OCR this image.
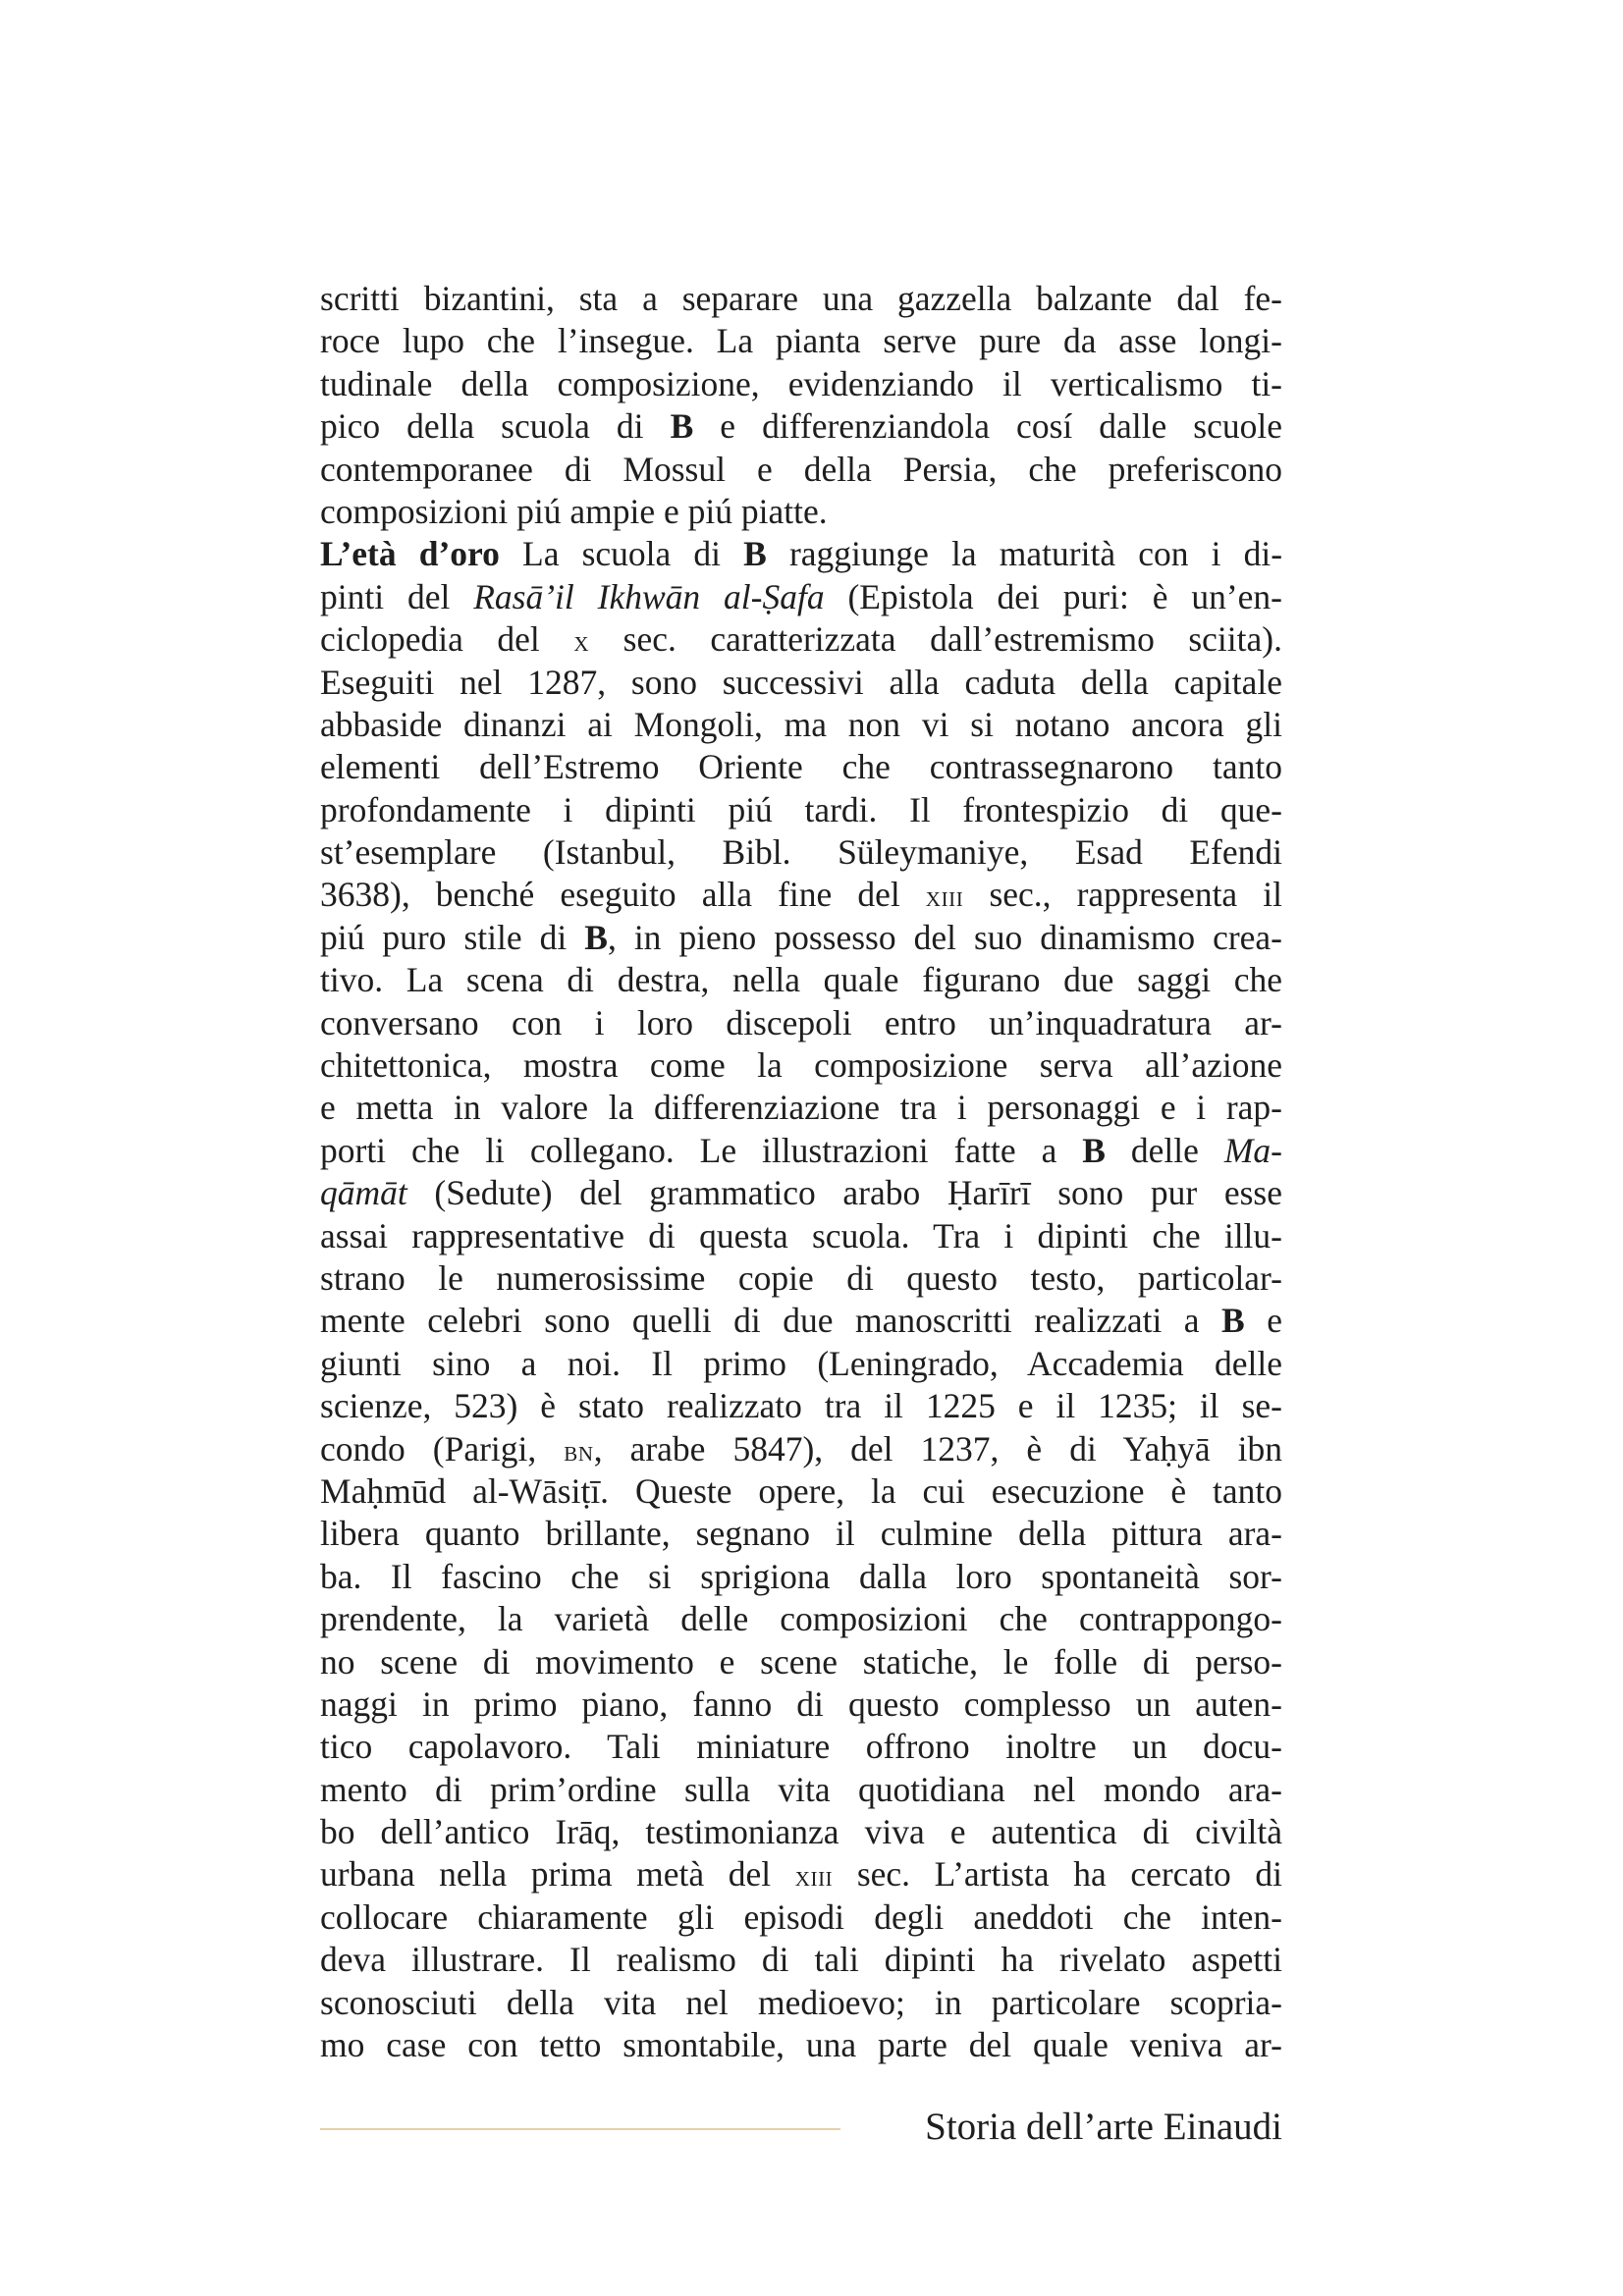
scritti bizantini, sta a separare una gazzella balzante dal fe-
roce lupo che l’insegue. La pianta serve pure da asse longi-
tudinale della composizione, evidenziando il verticalismo ti-
pico della scuola di B e differenziandola cosí dalle scuole
contemporanee di Mossul e della Persia, che preferiscono
composizioni piú ampie e piú piatte.
L’età d’oro La scuola di B raggiunge la maturità con i di-
pinti del Rasā’il Ikhwān al-Ṣafa (Epistola dei puri: è un’en-
ciclopedia del x sec. caratterizzata dall’estremismo sciita).
Eseguiti nel 1287, sono successivi alla caduta della capitale
abbaside dinanzi ai Mongoli, ma non vi si notano ancora gli
elementi dell’Estremo Oriente che contrassegnarono tanto
profondamente i dipinti piú tardi. Il frontespizio di que-
st’esemplare (Istanbul, Bibl. Süleymaniye, Esad Efendi
3638), benché eseguito alla fine del xiii sec., rappresenta il
piú puro stile di B, in pieno possesso del suo dinamismo crea-
tivo. La scena di destra, nella quale figurano due saggi che
conversano con i loro discepoli entro un’inquadratura ar-
chitettonica, mostra come la composizione serva all’azione
e metta in valore la differenziazione tra i personaggi e i rap-
porti che li collegano. Le illustrazioni fatte a B delle Ma-
qāmāt (Sedute) del grammatico arabo Ḥarīrī sono pur esse
assai rappresentative di questa scuola. Tra i dipinti che illu-
strano le numerosissime copie di questo testo, particolar-
mente celebri sono quelli di due manoscritti realizzati a B e
giunti sino a noi. Il primo (Leningrado, Accademia delle
scienze, 523) è stato realizzato tra il 1225 e il 1235; il se-
condo (Parigi, bn, arabe 5847), del 1237, è di Yaḥyā ibn
Maḥmūd al-Wāsiṭī. Queste opere, la cui esecuzione è tanto
libera quanto brillante, segnano il culmine della pittura ara-
ba. Il fascino che si sprigiona dalla loro spontaneità sor-
prendente, la varietà delle composizioni che contrappongo-
no scene di movimento e scene statiche, le folle di perso-
naggi in primo piano, fanno di questo complesso un auten-
tico capolavoro. Tali miniature offrono inoltre un docu-
mento di prim’ordine sulla vita quotidiana nel mondo ara-
bo dell’antico Irāq, testimonianza viva e autentica di civiltà
urbana nella prima metà del xiii sec. L’artista ha cercato di
collocare chiaramente gli episodi degli aneddoti che inten-
deva illustrare. Il realismo di tali dipinti ha rivelato aspetti
sconosciuti della vita nel medioevo; in particolare scopria-
mo case con tetto smontabile, una parte del quale veniva ar-
Storia dell’arte Einaudi
